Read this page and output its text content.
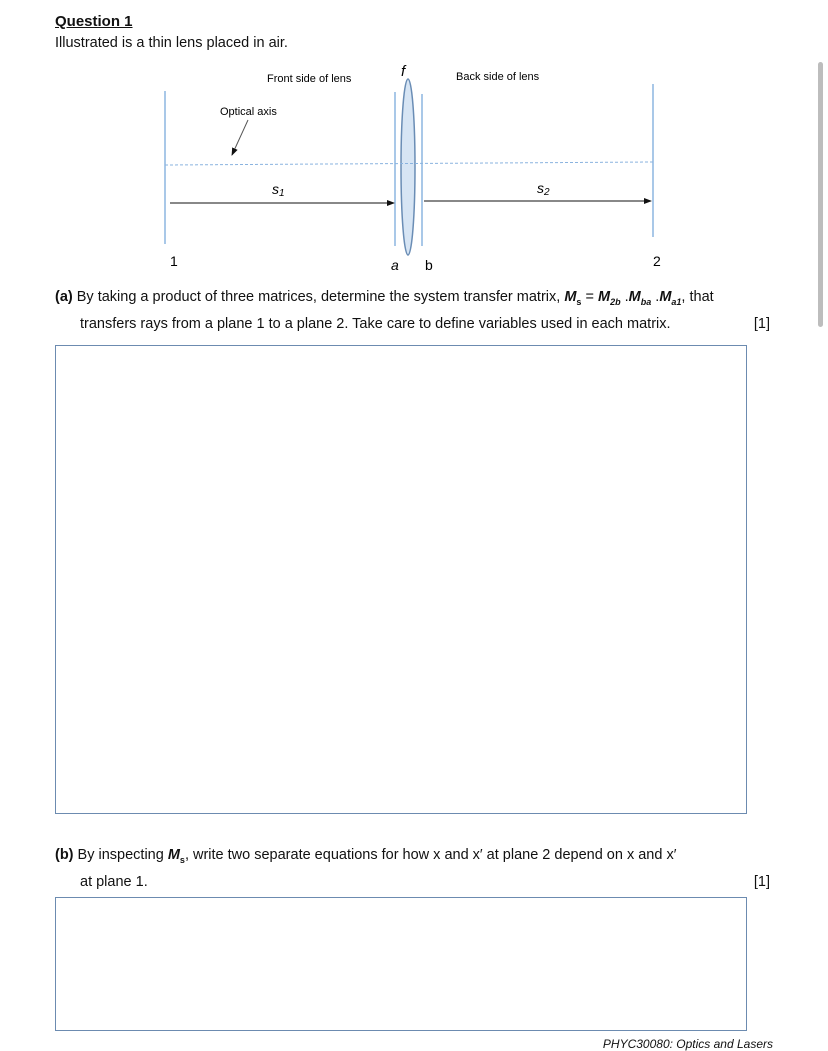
Question 1
Illustrated is a thin lens placed in air.
Front side of lens	Back side of lens
f
Optical axis
s1	s2
1	2
a b
(a) By taking a product of three matrices, determine the system transfer matrix, $M_s = M_{2b}$ $.M_{ba}$ $.M_{a1}$, that
transfers rays from a plane 1 to a plane 2. Take care to define variables used in each matrix.	[1]
(b) By inspecting $M_s$, write two separate equations for how x and x′ at plane 2 depend on x and x′
at plane 1.	[1]
PHYC30080: Optics and Lasers
